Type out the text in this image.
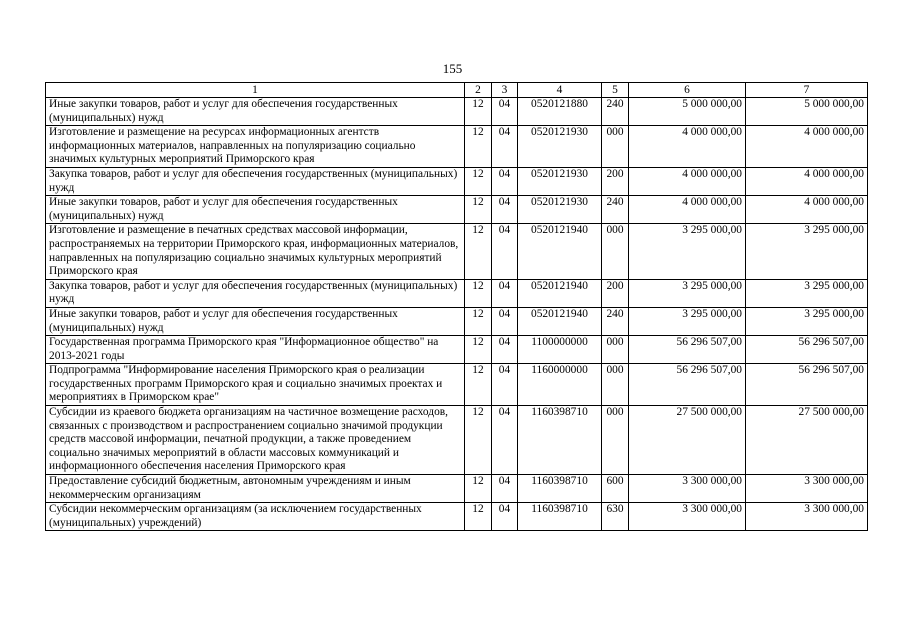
155
1	2	3	4	5	6	7
Иные закупки товаров, работ и услуг для обеспечения государственных (муниципальных) нужд	12	04	0520121880	240	5 000 000,00	5 000 000,00
Изготовление и размещение на ресурсах информационных агентств информационных материалов, направленных на популяризацию социально значимых культурных мероприятий Приморского края	12	04	0520121930	000	4 000 000,00	4 000 000,00
Закупка товаров, работ и услуг для обеспечения государственных (муниципальных) нужд	12	04	0520121930	200	4 000 000,00	4 000 000,00
Иные закупки товаров, работ и услуг для обеспечения государственных (муниципальных) нужд	12	04	0520121930	240	4 000 000,00	4 000 000,00
Изготовление и размещение в печатных средствах массовой информации, распространяемых на территории Приморского края, информационных материалов, направленных на популяризацию социально значимых культурных мероприятий Приморского края	12	04	0520121940	000	3 295 000,00	3 295 000,00
Закупка товаров, работ и услуг для обеспечения государственных (муниципальных) нужд	12	04	0520121940	200	3 295 000,00	3 295 000,00
Иные закупки товаров, работ и услуг для обеспечения государственных (муниципальных) нужд	12	04	0520121940	240	3 295 000,00	3 295 000,00
Государственная программа Приморского края "Информационное общество" на 2013-2021 годы	12	04	1100000000	000	56 296 507,00	56 296 507,00
Подпрограмма "Информирование населения Приморского края о реализации государственных программ Приморского края и социально значимых проектах и мероприятиях в Приморском крае"	12	04	1160000000	000	56 296 507,00	56 296 507,00
Субсидии из краевого бюджета организациям на частичное возмещение расходов, связанных с производством и распространением социально значимой продукции средств массовой информации, печатной продукции, а также проведением социально значимых мероприятий в области массовых коммуникаций и информационного обеспечения населения Приморского края	12	04	1160398710	000	27 500 000,00	27 500 000,00
Предоставление субсидий бюджетным, автономным учреждениям и иным некоммерческим организациям	12	04	1160398710	600	3 300 000,00	3 300 000,00
Субсидии некоммерческим организациям (за исключением государственных (муниципальных) учреждений)	12	04	1160398710	630	3 300 000,00	3 300 000,00
